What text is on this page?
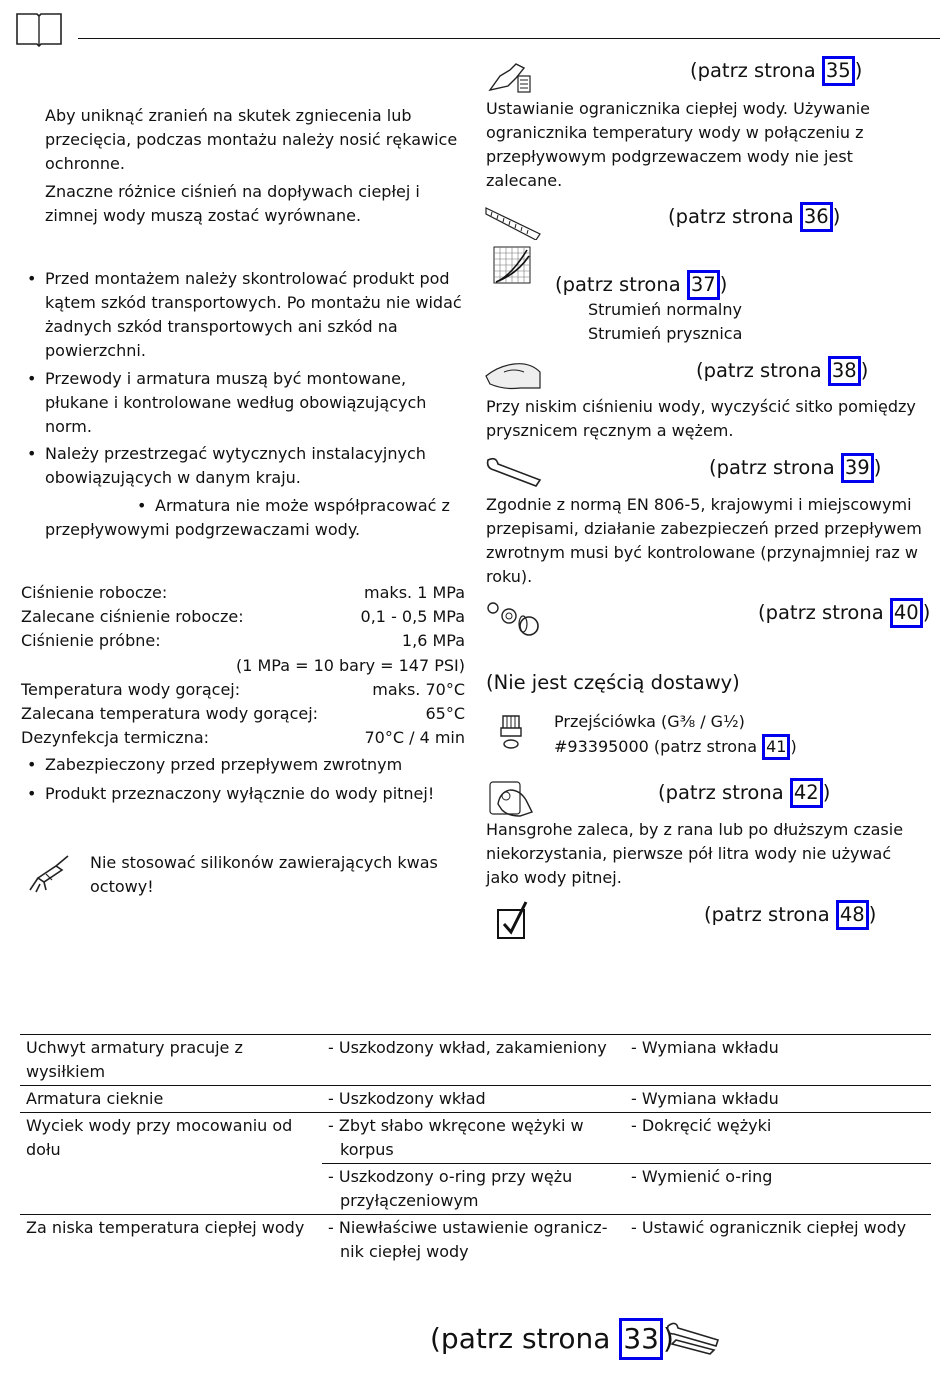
Aby uniknąć zranień na skutek zgniecenia lub przecięcia, podczas montażu należy nosić rękawice ochronne.
Znaczne różnice ciśnień na dopływach ciepłej i zimnej wody muszą zostać wyrównane.
• Przed montażem należy skontrolować produkt pod kątem szkód transportowych. Po montażu nie widać żadnych szkód transportowych ani szkód na powierzchni.
• Przewody i armatura muszą być montowane, płukane i kontrolowane według obowiązujących norm.
• Należy przestrzegać wytycznych instalacyjnych obowiązujących w danym kraju.
• Armatura nie może współpracować z przepływowymi podgrzewaczami wody.
Ciśnienie robocze:	maks. 1 MPa
Zalecane ciśnienie robocze:	0,1 - 0,5 MPa
Ciśnienie próbne:	1,6 MPa
(1 MPa = 10 bary = 147 PSI)
Temperatura wody gorącej:	maks. 70°C
Zalecana temperatura wody gorącej:	65°C
Dezynfekcja termiczna:	70°C / 4 min
• Zabezpieczony przed przepływem zwrotnym
• Produkt przeznaczony wyłącznie do wody pitnej!
Nie stosować silikonów zawierających kwas octowy!
(patrz strona 35 )
Ustawianie ogranicznika ciepłej wody. Używanie ogranicznika temperatury wody w połączeniu z przepływowym podgrzewaczem wody nie jest zalecane.
(patrz strona 36 )
(patrz strona 37 )
Strumień normalny
Strumień prysznica
(patrz strona 38 )
Przy niskim ciśnieniu wody, wyczyścić sitko pomiędzy prysznicem ręcznym a wężem.
(patrz strona 39 )
Zgodnie z normą EN 806-5, krajowymi i miejscowymi przepisami, działanie zabezpieczeń przed przepływem zwrotnym musi być kontrolowane (przynajmniej raz w roku).
(patrz strona 40 )
(Nie jest częścią dostawy)
Przejściówka (G⅜ / G½)
#93395000 (patrz strona 41 )
(patrz strona 42 )
Hansgrohe zaleca, by z rana lub po dłuższym czasie niekorzystania, pierwsze pół litra wody nie używać jako wody pitnej.
(patrz strona 48 )
Uchwyt armatury pracuje z wysiłkiem	- Uszkodzony wkład, zakamieniony	- Wymiana wkładu

Armatura cieknie	- Uszkodzony wkład	- Wymiana wkładu

Wyciek wody przy mocowaniu od dołu	- Zbyt słabo wkręcone wężyki w korpus	- Dokręcić wężyki

	- Uszkodzony o-ring przy wężu przyłączeniowym	- Wymienić o-ring

Za niska temperatura ciepłej wody	- Niewłaściwe ustawienie ogranicz-nik ciepłej wody	- Ustawić ogranicznik ciepłej wody
(patrz strona 33 )
